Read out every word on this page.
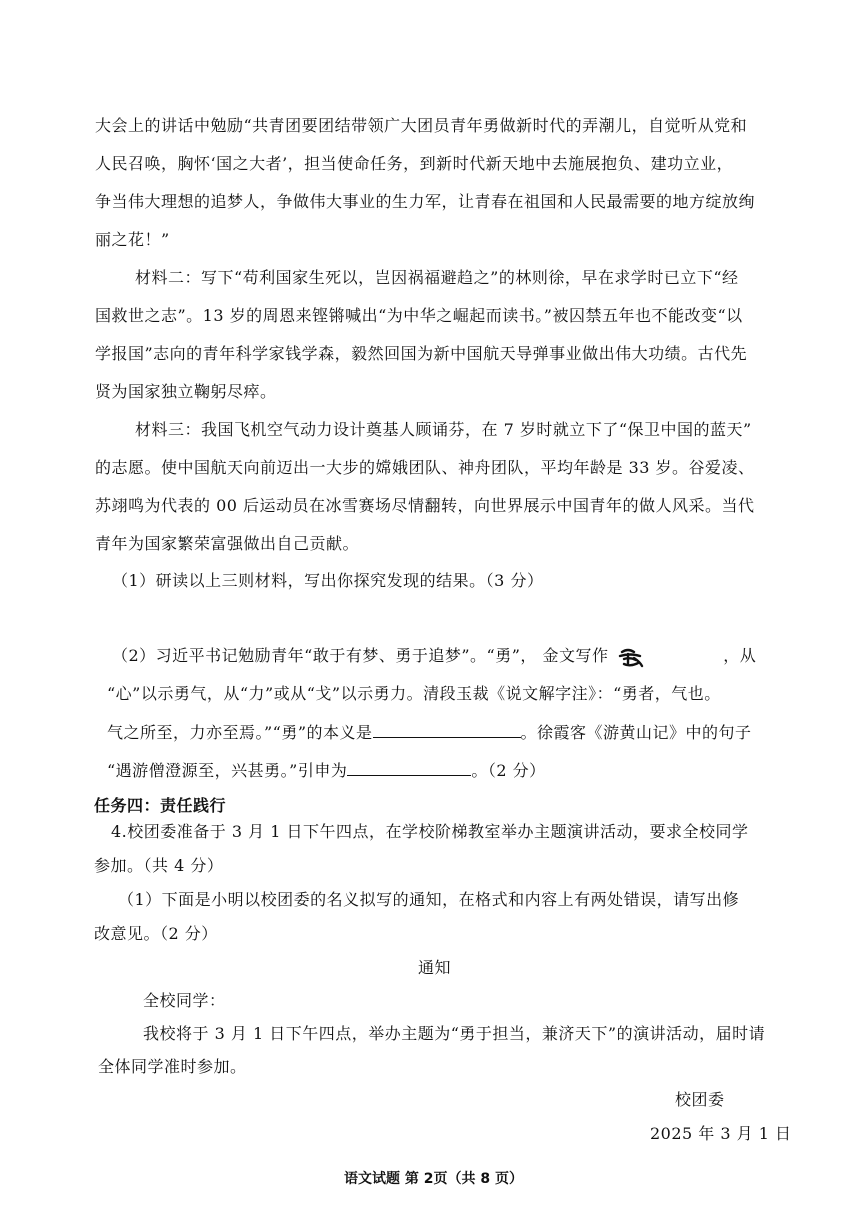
大会上的讲话中勉励“共青团要团结带领广大团员青年勇做新时代的弄潮儿，自觉听从党和
人民召唤，胸怀‘国之大者’，担当使命任务，到新时代新天地中去施展抱负、建功立业，
争当伟大理想的追梦人，争做伟大事业的生力军，让青春在祖国和人民最需要的地方绽放绚
丽之花！”
材料二：写下“苟利国家生死以，岂因祸福避趋之”的林则徐，早在求学时已立下“经
国救世之志”。13 岁的周恩来铿锵喊出“为中华之崛起而读书。”被囚禁五年也不能改变“以
学报国”志向的青年科学家钱学森，毅然回国为新中国航天导弹事业做出伟大功绩。古代先
贤为国家独立鞠躬尽瘁。
材料三：我国飞机空气动力设计奠基人顾诵芬，在 7 岁时就立下了“保卫中国的蓝天”
的志愿。使中国航天向前迈出一大步的嫦娥团队、神舟团队，平均年龄是 33 岁。谷爱凌、
苏翊鸣为代表的 00 后运动员在冰雪赛场尽情翻转，向世界展示中国青年的做人风采。当代
青年为国家繁荣富强做出自己贡献。
（1）研读以上三则材料，写出你探究发现的结果。（3 分）
（2）习近平书记勉励青年“敢于有梦、勇于追梦”。“勇”， 金文写作	，从
“心”以示勇气，从“力”或从“戈”以示勇力。清段玉裁《说文解字注》：“勇者，气也。
气之所至，力亦至焉。”“勇”的本义是	。徐霞客《游黄山记》中的句子
“遇游僧澄源至，兴甚勇。”引申为	。（2 分）
任务四：责任践行
4.校团委准备于 3 月 1 日下午四点，在学校阶梯教室举办主题演讲活动，要求全校同学
参加。（共 4 分）
（1）下面是小明以校团委的名义拟写的通知，在格式和内容上有两处错误，请写出修
改意见。（2 分）
通知
全校同学：
我校将于 3 月 1 日下午四点，举办主题为“勇于担当，兼济天下”的演讲活动，届时请
全体同学准时参加。
校团委
2025 年 3 月 1 日
语文试题 第 2页（共 8 页）
